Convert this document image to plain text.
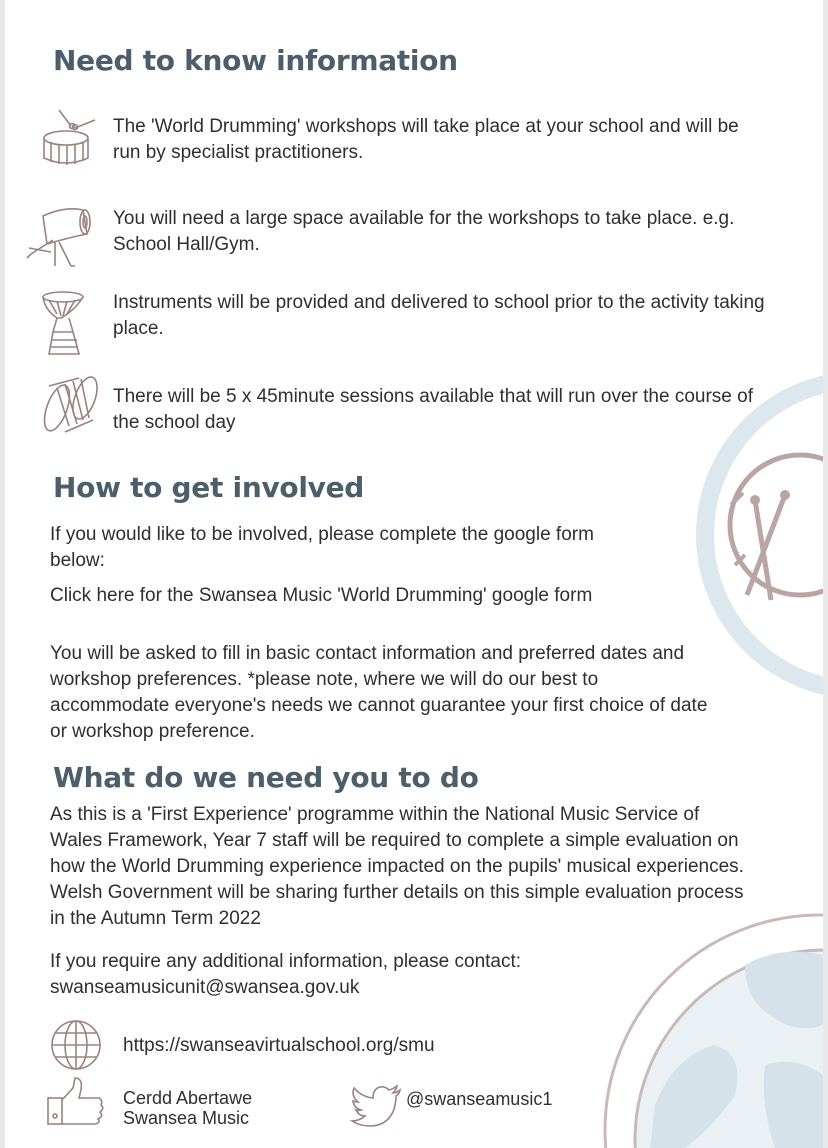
Need to know information

The 'World Drumming' workshops will take place at your school and will be run by specialist practitioners.

You will need a large space available for the workshops to take place. e.g. School Hall/Gym.

Instruments will be provided and delivered to school prior to the activity taking place.

There will be 5 x 45minute sessions available that will run over the course of the school day

How to get involved

If you would like to be involved, please complete the google form below:

Click here for the Swansea Music 'World Drumming' google form

You will be asked to fill in basic contact information and preferred dates and workshop preferences. *please note, where we will do our best to accommodate everyone's needs we cannot guarantee your first choice of date or workshop preference.

What do we need you to do

As this is a 'First Experience' programme within the National Music Service of Wales Framework, Year 7 staff will be required to complete a simple evaluation on how the World Drumming experience impacted on the pupils' musical experiences. Welsh Government will be sharing further details on this simple evaluation process in the Autumn Term 2022

If you require any additional information, please contact:

swanseamusicunit@swansea.gov.uk

https://swanseavirtualschool.org/smu

Cerdd Abertawe

Swansea Music

@swanseamusic1
